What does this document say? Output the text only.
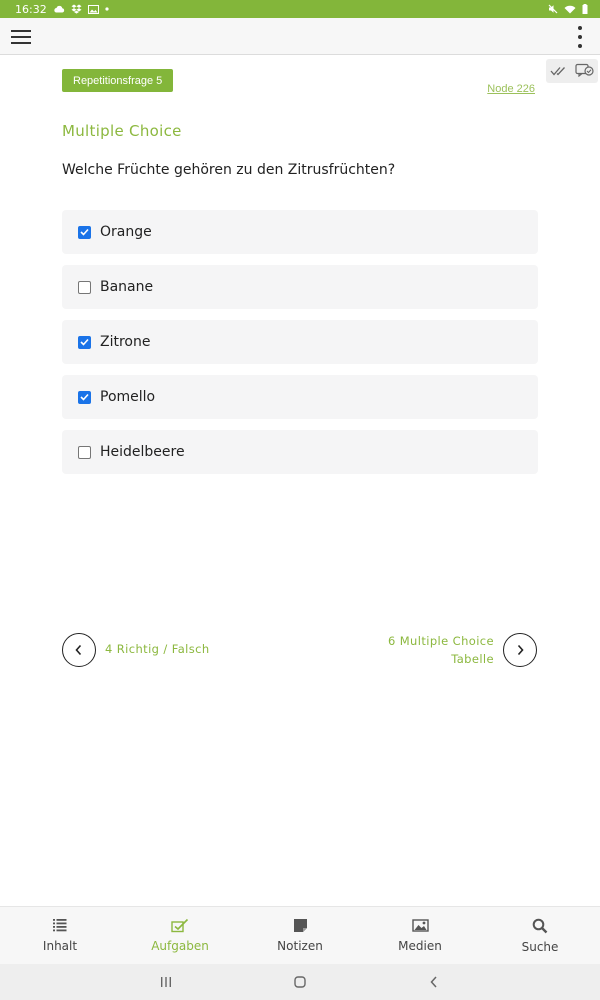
16:32
Repetitionsfrage 5
Node 226
Multiple Choice
Welche Früchte gehören zu den Zitrusfrüchten?
Orange
Banane
Zitrone
Pomello
Heidelbeere
4 Richtig / Falsch
6 Multiple Choice
Tabelle
Inhalt	Aufgaben	Notizen	Medien	Suche
